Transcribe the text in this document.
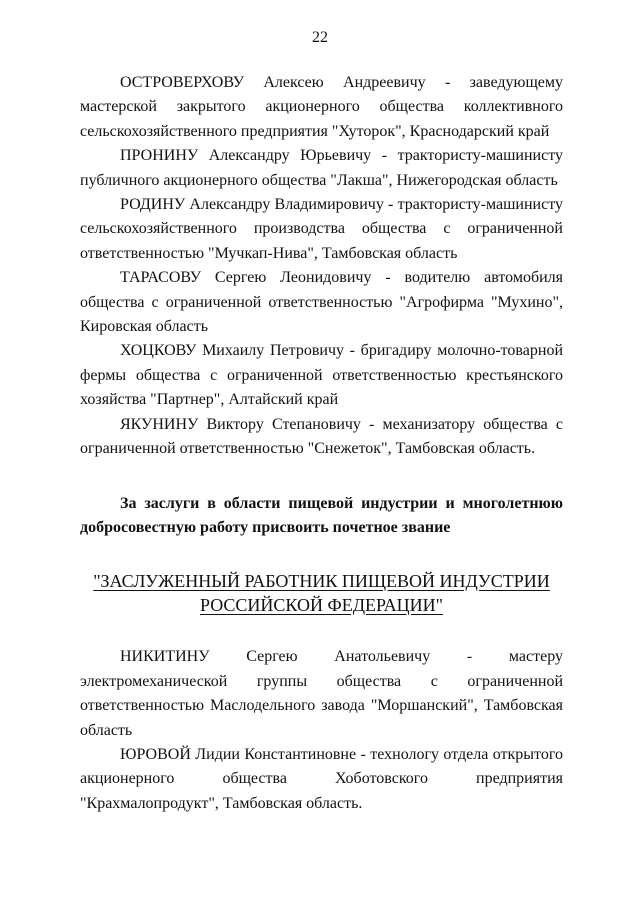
22

ОСТРОВЕРХОВУ Алексею Андреевичу - заведующему мастерской закрытого акционерного общества коллективного сельскохозяйственного предприятия "Хуторок", Краснодарский край

ПРОНИНУ Александру Юрьевичу - трактористу-машинисту публичного акционерного общества "Лакша", Нижегородская область

РОДИНУ Александру Владимировичу - трактористу-машинисту сельскохозяйственного производства общества с ограниченной ответственностью "Мучкап-Нива", Тамбовская область

ТАРАСОВУ Сергею Леонидовичу - водителю автомобиля общества с ограниченной ответственностью "Агрофирма "Мухино", Кировская область

ХОЦКОВУ Михаилу Петровичу - бригадиру молочно-товарной фермы общества с ограниченной ответственностью крестьянского хозяйства "Партнер", Алтайский край

ЯКУНИНУ Виктору Степановичу - механизатору общества с ограниченной ответственностью "Снежеток", Тамбовская область.

За заслуги в области пищевой индустрии и многолетнюю добросовестную работу присвоить почетное звание

"ЗАСЛУЖЕННЫЙ РАБОТНИК ПИЩЕВОЙ ИНДУСТРИИ
РОССИЙСКОЙ ФЕДЕРАЦИИ"

НИКИТИНУ Сергею Анатольевичу - мастеру электромеханической группы общества с ограниченной ответственностью Маслодельного завода "Моршанский", Тамбовская область

ЮРОВОЙ Лидии Константиновне - технологу отдела открытого акционерного общества Хоботовского предприятия "Крахмалопродукт", Тамбовская область.
